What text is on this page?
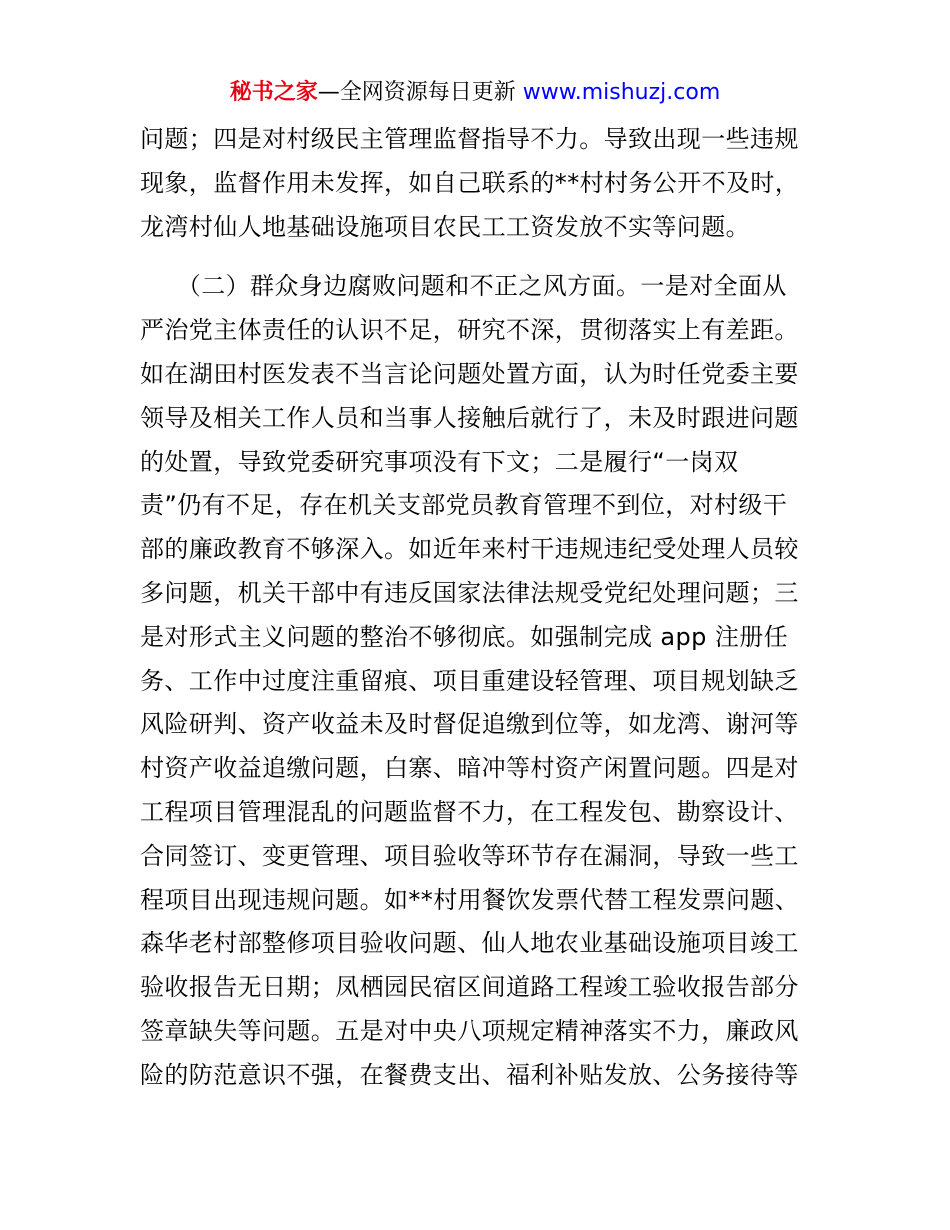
秘书之家—全网资源每日更新 www.mishuzj.com
问题；四是对村级民主管理监督指导不力。导致出现一些违规
现象，监督作用未发挥，如自己联系的**村村务公开不及时，
龙湾村仙人地基础设施项目农民工工资发放不实等问题。
　　（二）群众身边腐败问题和不正之风方面。一是对全面从
严治党主体责任的认识不足，研究不深，贯彻落实上有差距。
如在湖田村医发表不当言论问题处置方面，认为时任党委主要
领导及相关工作人员和当事人接触后就行了，未及时跟进问题
的处置，导致党委研究事项没有下文；二是履行“一岗双
责”仍有不足，存在机关支部党员教育管理不到位，对村级干
部的廉政教育不够深入。如近年来村干违规违纪受处理人员较
多问题，机关干部中有违反国家法律法规受党纪处理问题；三
是对形式主义问题的整治不够彻底。如强制完成 app 注册任
务、工作中过度注重留痕、项目重建设轻管理、项目规划缺乏
风险研判、资产收益未及时督促追缴到位等，如龙湾、谢河等
村资产收益追缴问题，白寨、暗冲等村资产闲置问题。四是对
工程项目管理混乱的问题监督不力，在工程发包、勘察设计、
合同签订、变更管理、项目验收等环节存在漏洞，导致一些工
程项目出现违规问题。如**村用餐饮发票代替工程发票问题、
森华老村部整修项目验收问题、仙人地农业基础设施项目竣工
验收报告无日期；凤栖园民宿区间道路工程竣工验收报告部分
签章缺失等问题。五是对中央八项规定精神落实不力，廉政风
险的防范意识不强，在餐费支出、福利补贴发放、公务接待等
